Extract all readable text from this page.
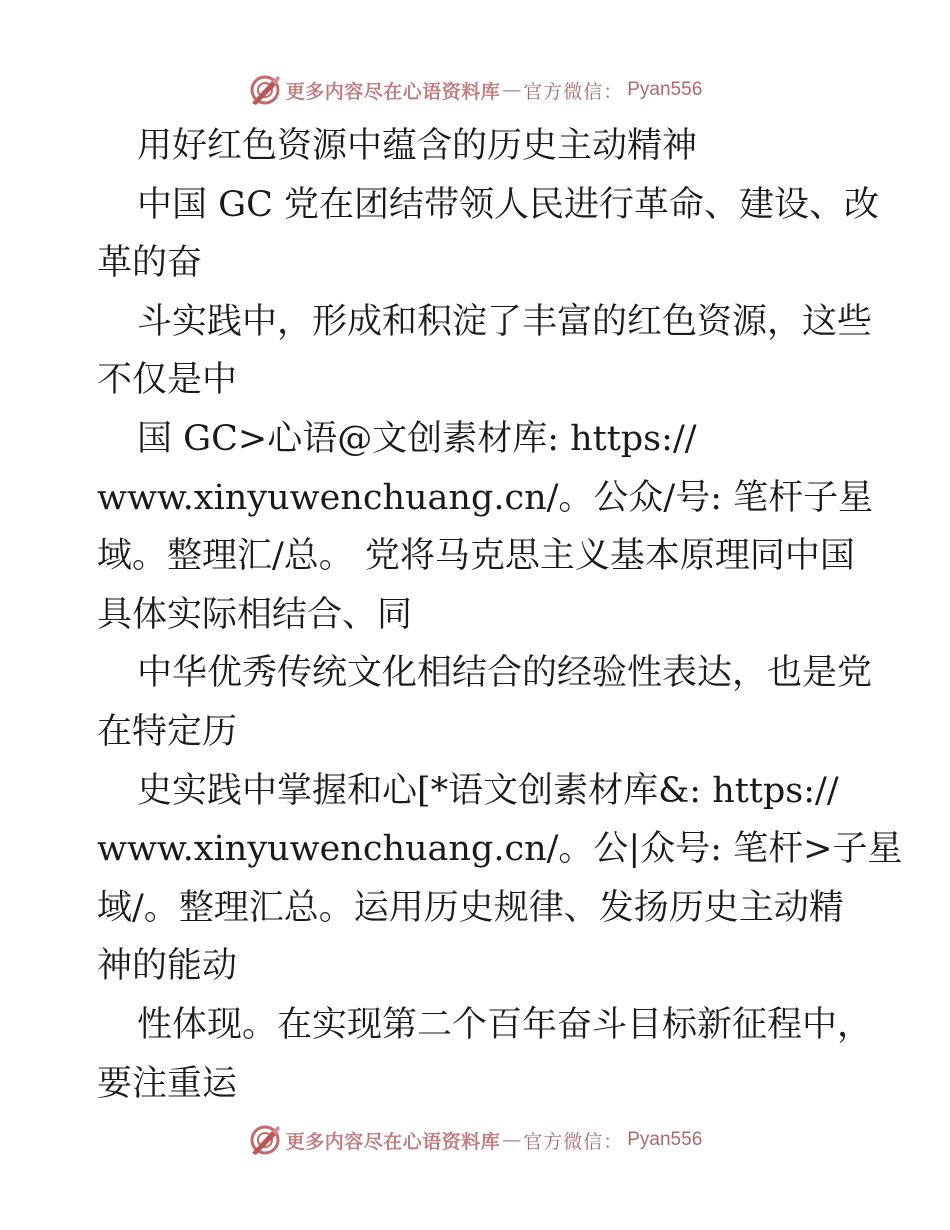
更多内容尽在心语资料库 — 官方微信： Pyan556
用好红色资源中蕴含的历史主动精神
中国 GC 党在团结带领人民进行革命、建设、改
革的奋
斗实践中，形成和积淀了丰富的红色资源，这些
不仅是中
国 GC>心语@文创素材库: https://
www.xinyuwenchuang.cn/。公众/号: 笔杆子星
域。整理汇/总。 党将马克思主义基本原理同中国
具体实际相结合、同
中华优秀传统文化相结合的经验性表达，也是党
在特定历
史实践中掌握和心[*语文创素材库&: https://
www.xinyuwenchuang.cn/。公|众号: 笔杆>子星
域/。整理汇总。运用历史规律、发扬历史主动精
神的能动
性体现。在实现第二个百年奋斗目标新征程中，
要注重运
更多内容尽在心语资料库 — 官方微信： Pyan556
